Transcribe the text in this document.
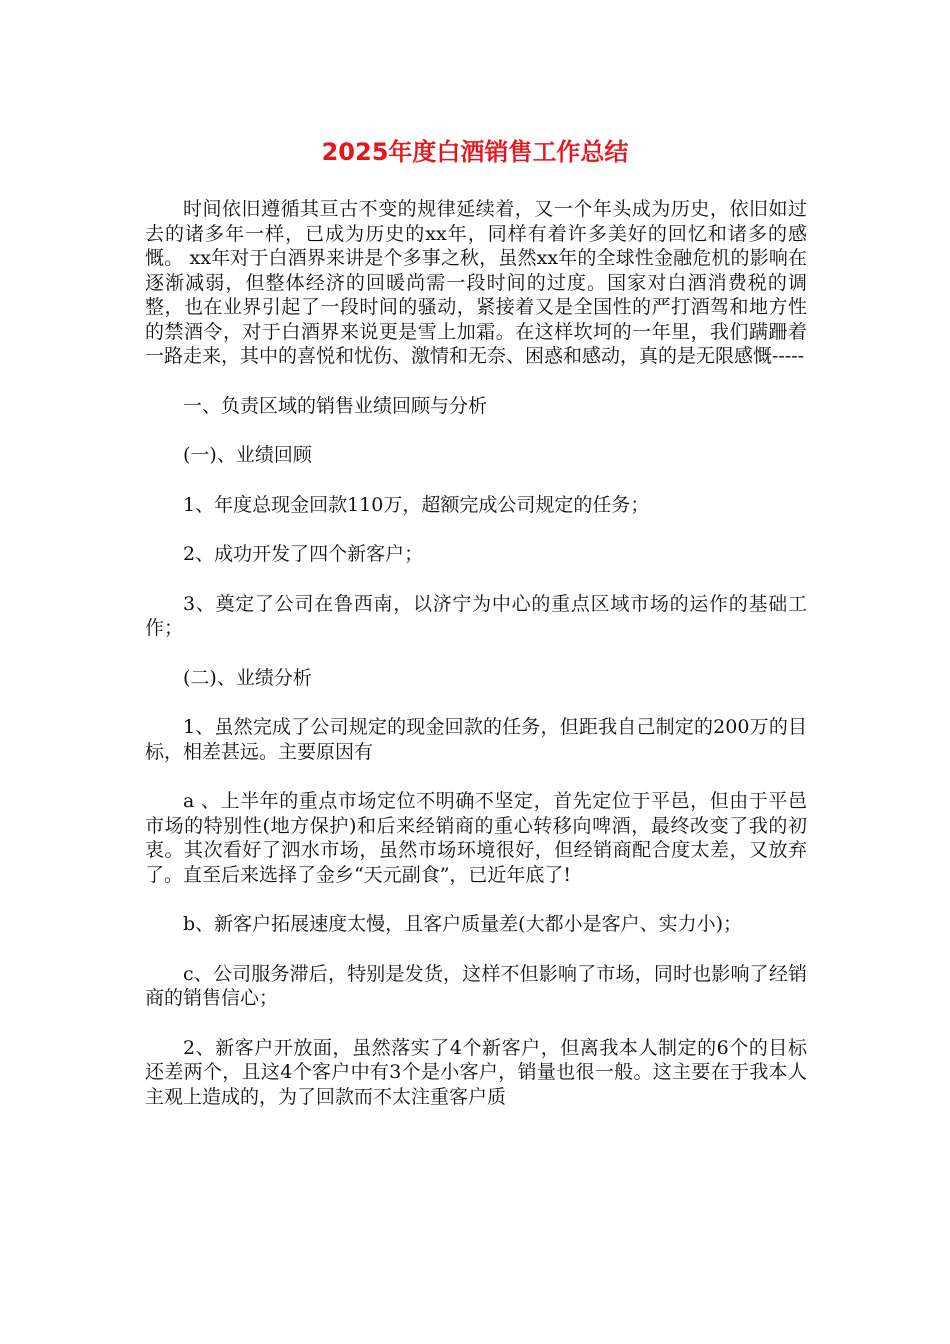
2025年度白酒销售工作总结

时间依旧遵循其亘古不变的规律延续着，又一个年头成为历史，依旧如过去的诸多年一样，已成为历史的xx年，同样有着许多美好的回忆和诸多的感慨。 xx年对于白酒界来讲是个多事之秋，虽然xx年的全球性金融危机的影响在逐渐减弱，但整体经济的回暖尚需一段时间的过度。国家对白酒消费税的调整，也在业界引起了一段时间的骚动，紧接着又是全国性的严打酒驾和地方性的禁酒令，对于白酒界来说更是雪上加霜。在这样坎坷的一年里，我们蹒跚着一路走来，其中的喜悦和忧伤、激情和无奈、困惑和感动，真的是无限感慨-----

一、负责区域的销售业绩回顾与分析

(一)、业绩回顾

1、年度总现金回款110万，超额完成公司规定的任务；

2、成功开发了四个新客户；

3、奠定了公司在鲁西南，以济宁为中心的重点区域市场的运作的基础工作；

(二)、业绩分析

1、虽然完成了公司规定的现金回款的任务，但距我自己制定的200万的目标，相差甚远。主要原因有

a 、上半年的重点市场定位不明确不坚定，首先定位于平邑，但由于平邑市场的特别性(地方保护)和后来经销商的重心转移向啤酒，最终改变了我的初衷。其次看好了泗水市场，虽然市场环境很好，但经销商配合度太差，又放弃了。直至后来选择了金乡“天元副食”，已近年底了!

b、新客户拓展速度太慢，且客户质量差(大都小是客户、实力小)；

c、公司服务滞后，特别是发货，这样不但影响了市场，同时也影响了经销商的销售信心；

2、新客户开放面，虽然落实了4个新客户，但离我本人制定的6个的目标还差两个，且这4个客户中有3个是小客户，销量也很一般。这主要在于我本人主观上造成的，为了回款而不太注重客户质
